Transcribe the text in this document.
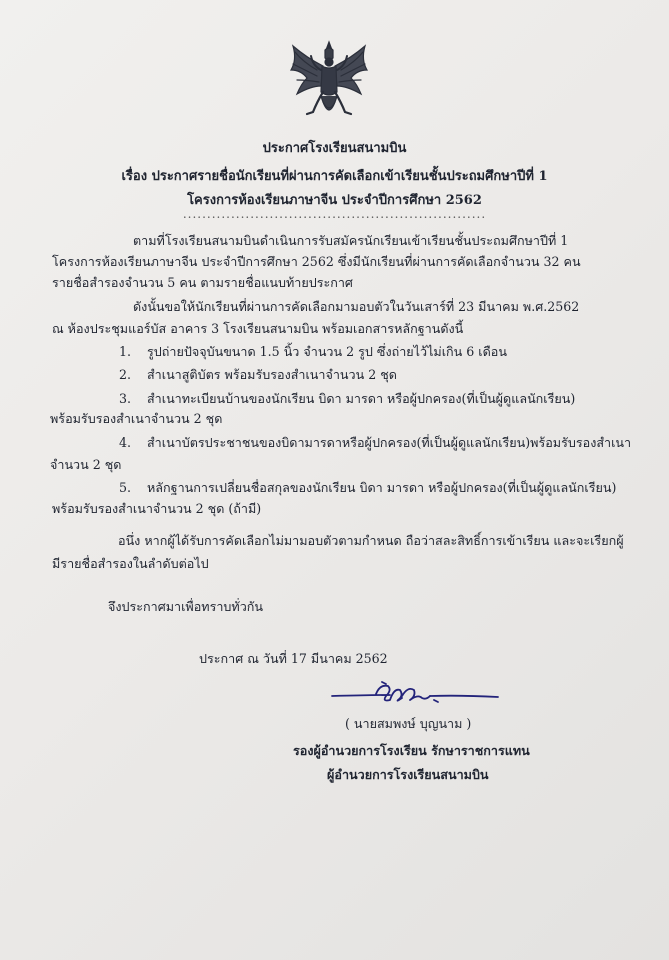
ประกาศโรงเรียนสนามบิน
เรื่อง ประกาศรายชื่อนักเรียนที่ผ่านการคัดเลือกเข้าเรียนชั้นประถมศึกษาปีที่ 1
โครงการห้องเรียนภาษาจีน ประจำปีการศึกษา 2562
...............................................................
ตามที่โรงเรียนสนามบินดำเนินการรับสมัครนักเรียนเข้าเรียนชั้นประถมศึกษาปีที่ 1
โครงการห้องเรียนภาษาจีน ประจำปีการศึกษา 2562 ซึ่งมีนักเรียนที่ผ่านการคัดเลือกจำนวน 32 คน
รายชื่อสำรองจำนวน 5 คน ตามรายชื่อแนบท้ายประกาศ
ดังนั้นขอให้นักเรียนที่ผ่านการคัดเลือกมามอบตัวในวันเสาร์ที่ 23 มีนาคม พ.ศ.2562
ณ ห้องประชุมแอร์บัส อาคาร 3 โรงเรียนสนามบิน พร้อมเอกสารหลักฐานดังนี้
1. รูปถ่ายปัจจุบันขนาด 1.5 นิ้ว จำนวน 2 รูป ซึ่งถ่ายไว้ไม่เกิน 6 เดือน
2. สำเนาสูติบัตร พร้อมรับรองสำเนาจำนวน 2 ชุด
3. สำเนาทะเบียนบ้านของนักเรียน บิดา มารดา หรือผู้ปกครอง(ที่เป็นผู้ดูแลนักเรียน)
พร้อมรับรองสำเนาจำนวน 2 ชุด
4. สำเนาบัตรประชาชนของบิดามารดาหรือผู้ปกครอง(ที่เป็นผู้ดูแลนักเรียน)พร้อมรับรองสำเนา
จำนวน 2 ชุด
5. หลักฐานการเปลี่ยนชื่อสกุลของนักเรียน บิดา มารดา หรือผู้ปกครอง(ที่เป็นผู้ดูแลนักเรียน)
พร้อมรับรองสำเนาจำนวน 2 ชุด (ถ้ามี)
อนึ่ง หากผู้ได้รับการคัดเลือกไม่มามอบตัวตามกำหนด ถือว่าสละสิทธิ์การเข้าเรียน และจะเรียกผู้
มีรายชื่อสำรองในลำดับต่อไป
จึงประกาศมาเพื่อทราบทั่วกัน
ประกาศ ณ วันที่ 17 มีนาคม 2562
( นายสมพงษ์ บุญนาม )
รองผู้อำนวยการโรงเรียน รักษาราชการแทน
ผู้อำนวยการโรงเรียนสนามบิน
